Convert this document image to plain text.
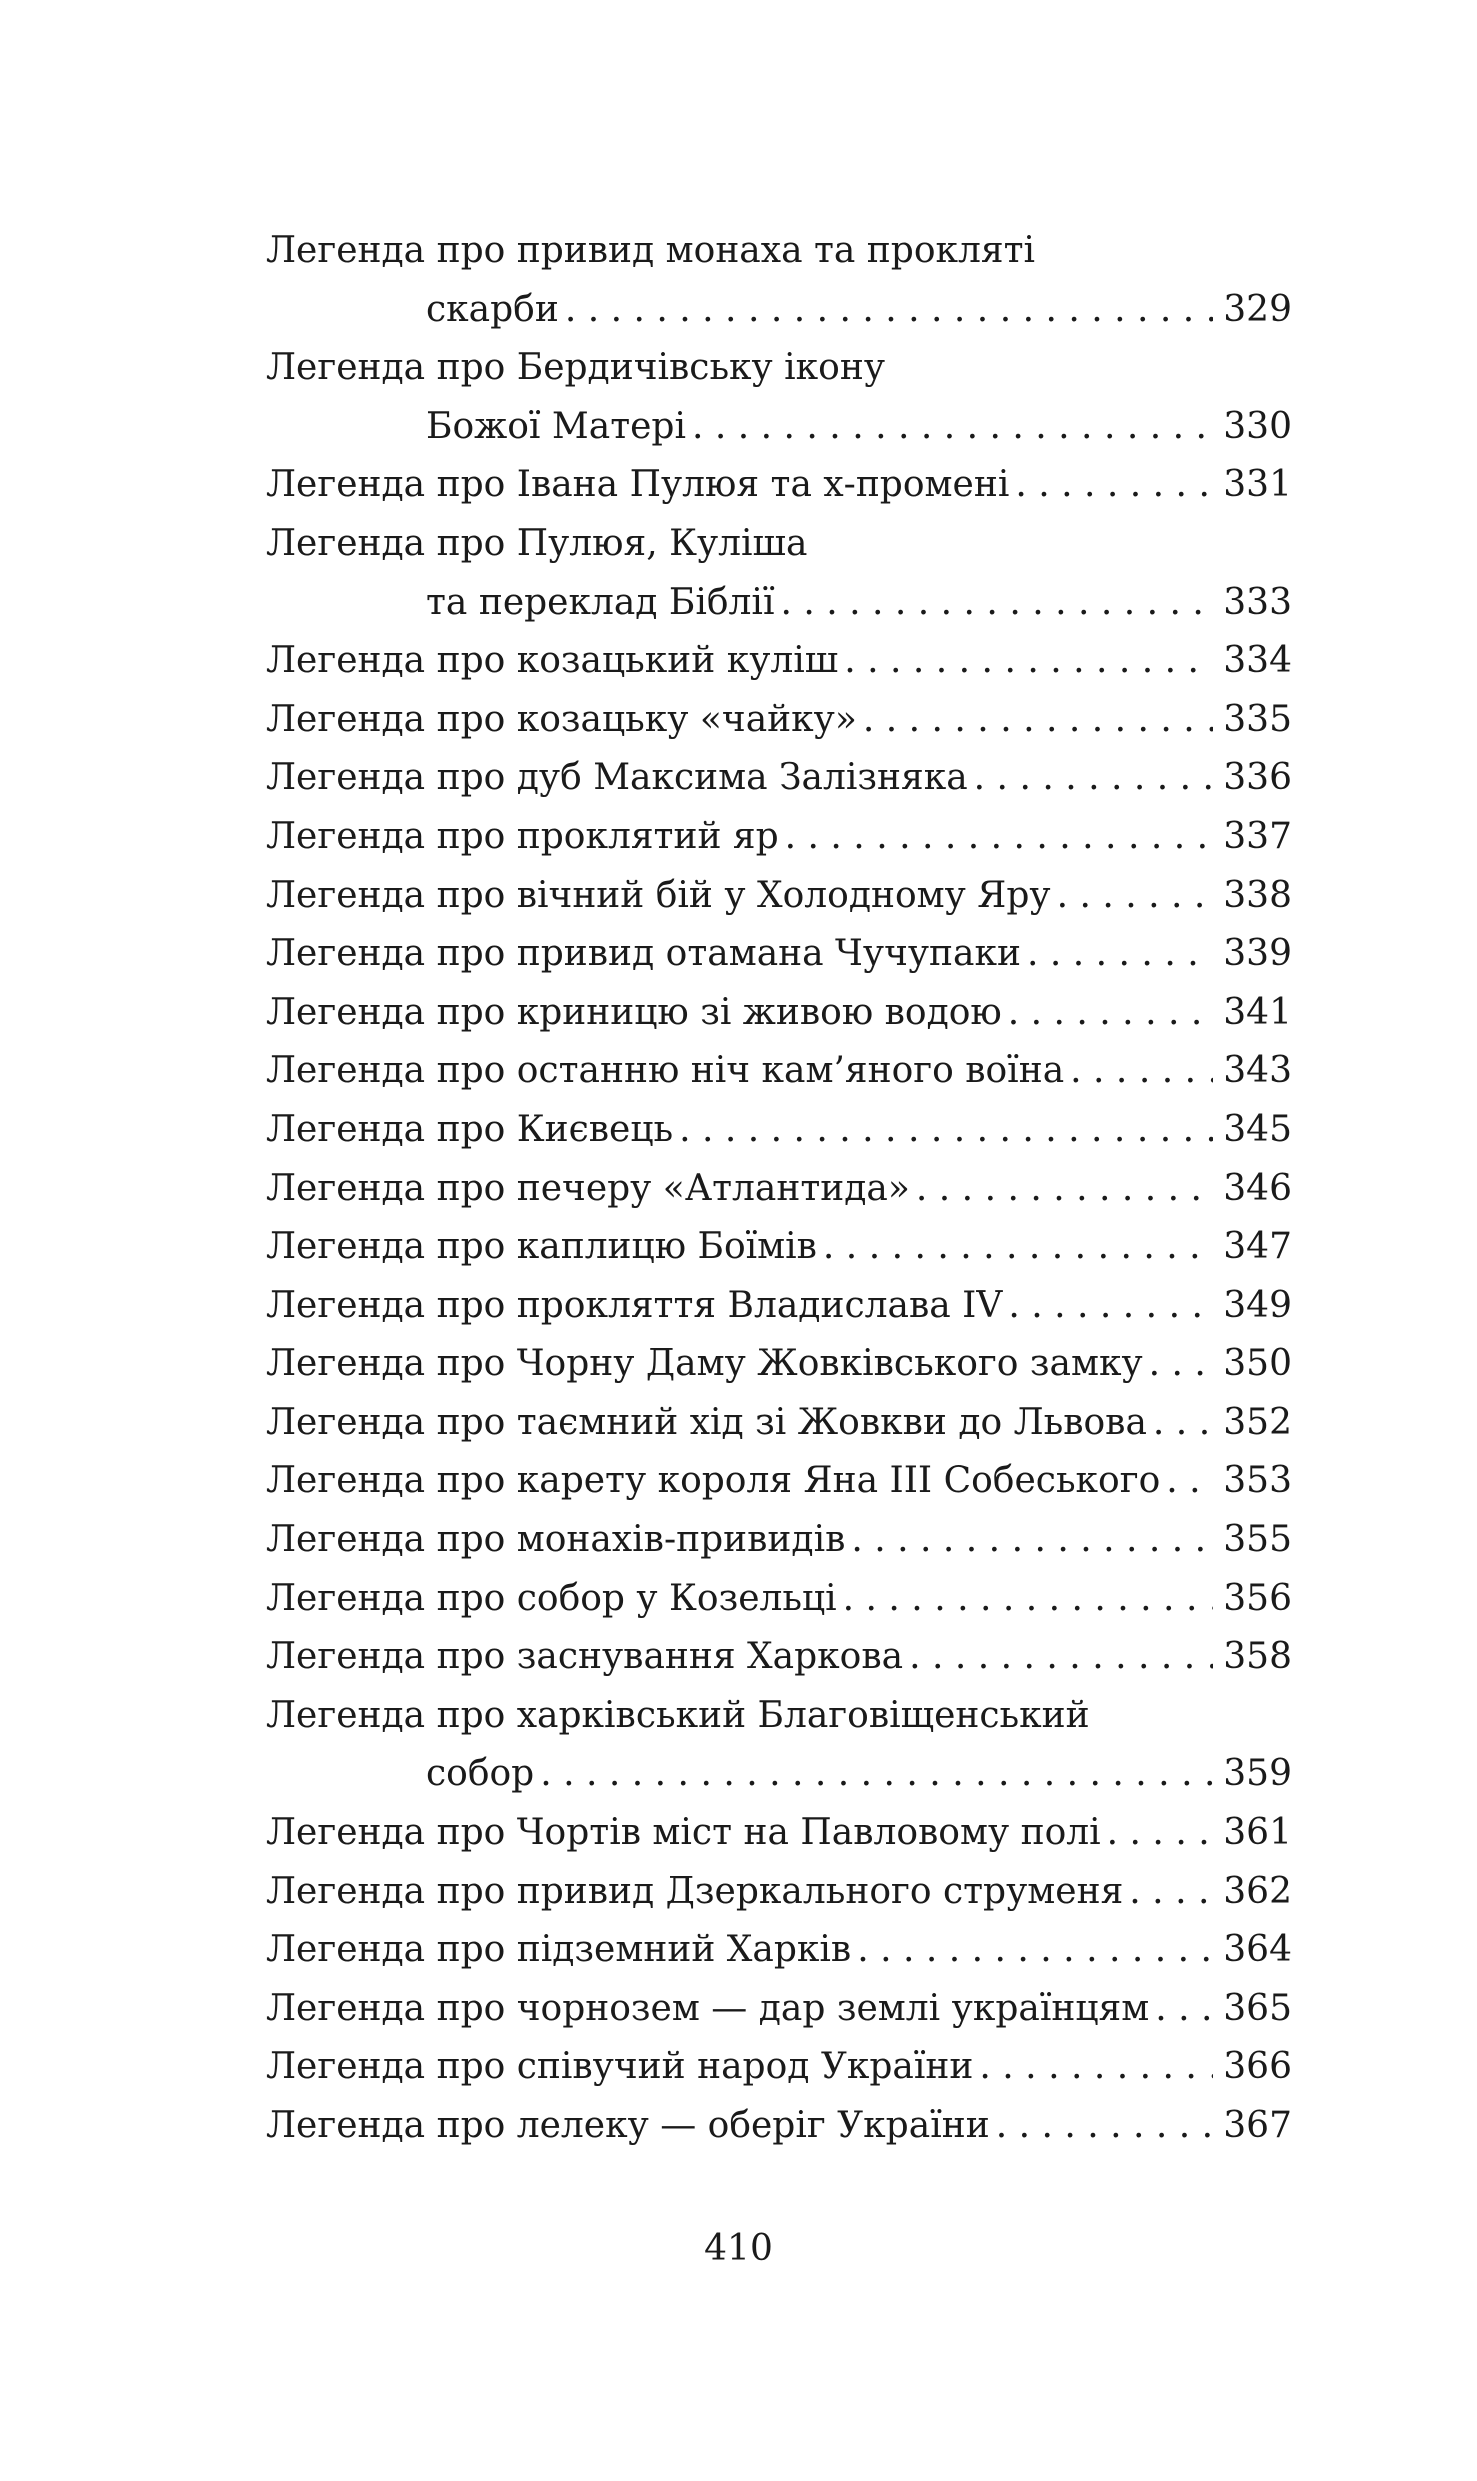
Легенда про привид монаха та прокляті
скарби . . .	329
Легенда про Бердичівську ікону
Божої Матері . . .	330
Легенда про Івана Пулюя та х-промені . . .	331
Легенда про Пулюя, Куліша
та переклад Біблії . . .	333
Легенда про козацький куліш . . .	334
Легенда про козацьку «чайку» . . .	335
Легенда про дуб Максима Залізняка . . .	336
Легенда про проклятий яр . . .	337
Легенда про вічний бій у Холодному Яру . . .	338
Легенда про привид отамана Чучупаки . . .	339
Легенда про криницю зі живою водою . . .	341
Легенда про останню ніч кам’яного воїна . . .	343
Легенда про Києвець . . .	345
Легенда про печеру «Атлантида» . . .	346
Легенда про каплицю Боїмів . . .	347
Легенда про прокляття Владислава IV . . .	349
Легенда про Чорну Даму Жовківського замку . . . 350
Легенда про таємний хід зі Жовкви до Львова . . . 352
Легенда про карету короля Яна ІІІ Собеського . . . 353
Легенда про монахів-привидів . . .	355
Легенда про собор у Козельці . . .	356
Легенда про заснування Харкова . . .	358
Легенда про харківський Благовіщенський
собор . . .	359
Легенда про Чортів міст на Павловому полі . . .	361
Легенда про привид Дзеркального струменя . . .	362
Легенда про підземний Харків . . .	364
Легенда про чорнозем — дар землі українцям . . . 365
Легенда про співучий народ України . . .	366
Легенда про лелеку — оберіг України . . .	367
410
